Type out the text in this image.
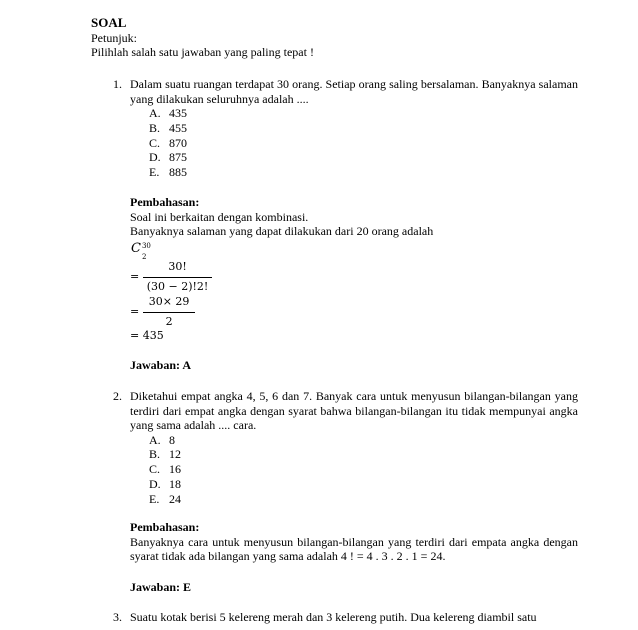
SOAL
Petunjuk:
Pilihlah salah satu jawaban yang paling tepat !
1. Dalam suatu ruangan terdapat 30 orang. Setiap orang saling bersalaman. Banyaknya salaman yang dilakukan seluruhnya adalah ....
A. 435
B. 455
C. 870
D. 875
E. 885
Pembahasan:
Soal ini berkaitan dengan kombinasi.
Banyaknya salaman yang dapat dilakukan dari 20 orang adalah
C 30
2
= $\frac{30!}{(30 - 2)!2!}$
= $\frac{30\times 29}{2}$
= 435
Jawaban: A
2. Diketahui empat angka 4, 5, 6 dan 7. Banyak cara untuk menyusun bilangan-bilangan yang terdiri dari empat angka dengan syarat bahwa bilangan-bilangan itu tidak mempunyai angka yang sama adalah .... cara.
A. 8
B. 12
C. 16
D. 18
E. 24
Pembahasan:
Banyaknya cara untuk menyusun bilangan-bilangan yang terdiri dari empata angka dengan syarat tidak ada bilangan yang sama adalah 4 ! = 4 . 3 . 2 . 1 = 24.
Jawaban: E
3. Suatu kotak berisi 5 kelereng merah dan 3 kelereng putih. Dua kelereng diambil satu
